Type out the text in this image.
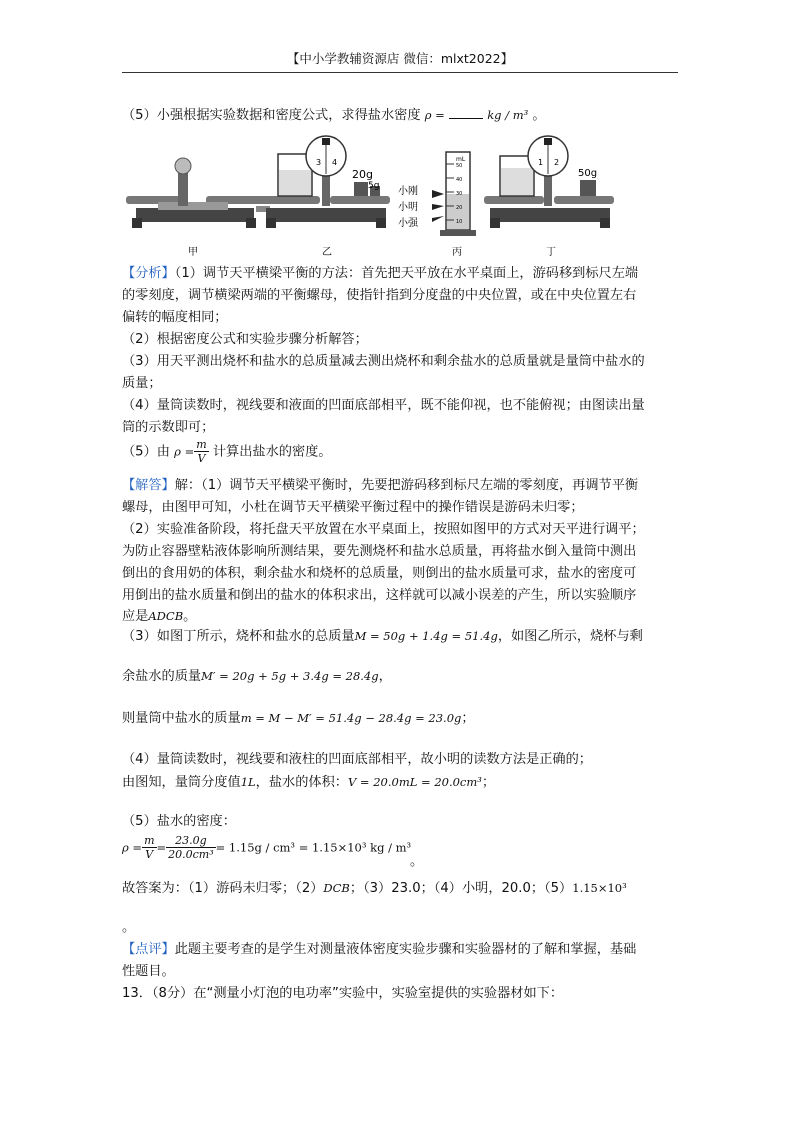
【中小学教辅资源店 微信：mlxt2022】
（5）小强根据实验数据和密度公式，求得盐水密度 ρ =	kg / m³ 。
3 4
20g
5g
1 2
50g
mL
50
40
30
20
10
小刚
小明
小强
甲	乙	丙	丁
【分析】（1）调节天平横梁平衡的方法：首先把天平放在水平桌面上，游码移到标尺左端
的零刻度，调节横梁两端的平衡螺母，使指针指到分度盘的中央位置，或在中央位置左右
偏转的幅度相同；
（2）根据密度公式和实验步骤分析解答；
（3）用天平测出烧杯和盐水的总质量减去测出烧杯和剩余盐水的总质量就是量筒中盐水的
质量；
（4）量筒读数时，视线要和液面的凹面底部相平，既不能仰视，也不能俯视；由图读出量
筒的示数即可；
（5）由 $\rho = \frac{m}{V}$ 计算出盐水的密度。
【解答】解：（1）调节天平横梁平衡时，先要把游码移到标尺左端的零刻度，再调节平衡
螺母，由图甲可知，小杜在调节天平横梁平衡过程中的操作错误是游码未归零；
（2）实验准备阶段，将托盘天平放置在水平桌面上，按照如图甲的方式对天平进行调平；
为防止容器壁粘液体影响所测结果，要先测烧杯和盐水总质量，再将盐水倒入量筒中测出
倒出的食用奶的体积，剩余盐水和烧杯的总质量，则倒出的盐水质量可求，盐水的密度可
用倒出的盐水质量和倒出的盐水的体积求出，这样就可以减小误差的产生，所以实验顺序
应是ADCB。
（3）如图丁所示，烧杯和盐水的总质量M = 50g + 1.4g = 51.4g，如图乙所示，烧杯与剩
余盐水的质量M′ = 20g + 5g + 3.4g = 28.4g，
则量筒中盐水的质量m = M − M′ = 51.4g − 28.4g = 23.0g；
（4）量筒读数时，视线要和液柱的凹面底部相平，故小明的读数方法是正确的；
由图知，量筒分度值1L，盐水的体积：V = 20.0mL = 20.0cm³；
（5）盐水的密度：
$\rho = \frac{m}{V} = \frac{23.0g}{\text{20.0cm³}} = 1.15g / cm^3 = 1.15\times 10^3$ kg / m³
。
故答案为：（1）游码未归零；（2）DCB；（3）23.0；（4）小明，20.0；（5）1.15×10³
。
【点评】此题主要考查的是学生对测量液体密度实验步骤和实验器材的了解和掌握，基础
性题目。
13．（8分）在“测量小灯泡的电功率”实验中，实验室提供的实验器材如下：
